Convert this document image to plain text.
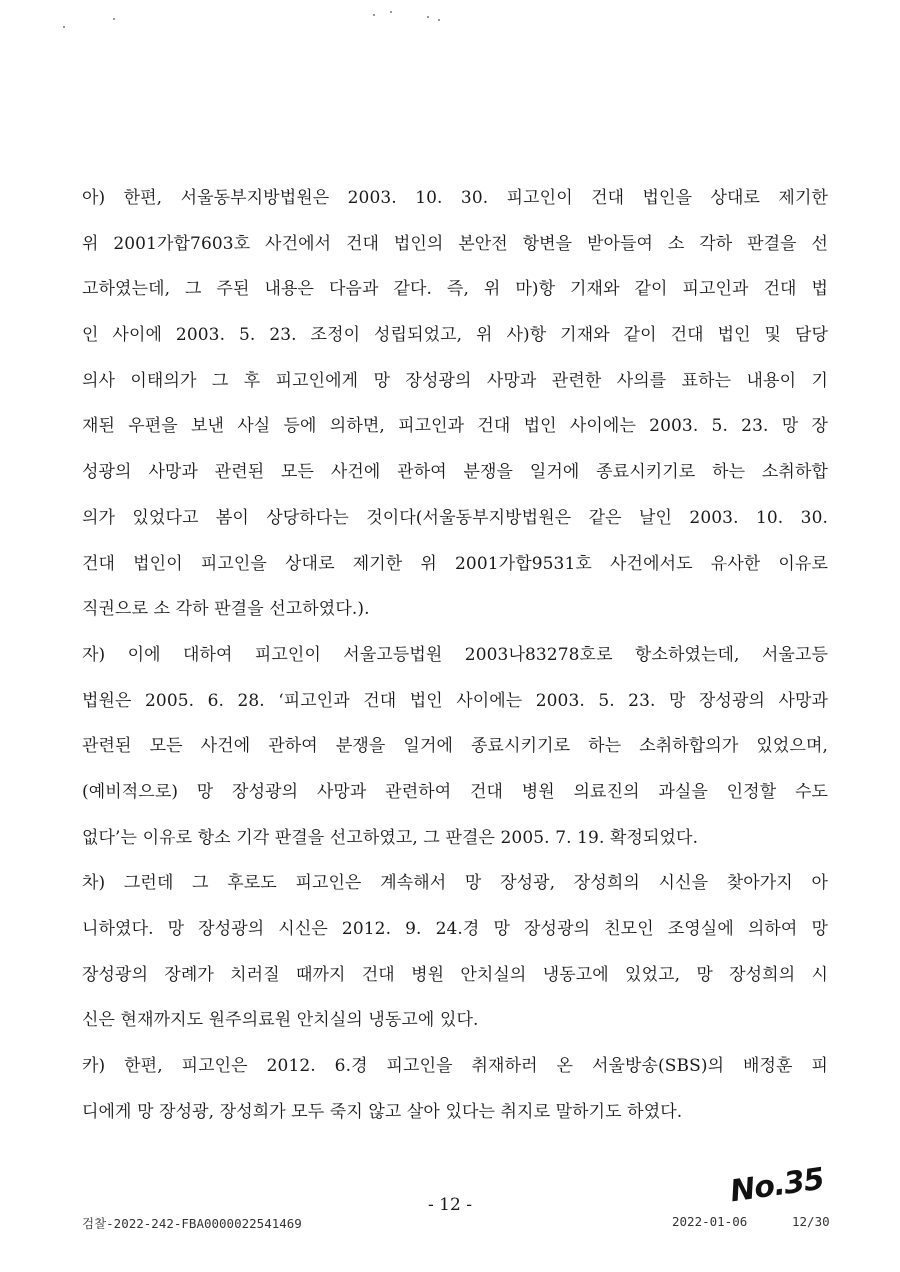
아) 한편, 서울동부지방법원은 2003. 10. 30. 피고인이 건대 법인을 상대로 제기한
위 2001가합7603호 사건에서 건대 법인의 본안전 항변을 받아들여 소 각하 판결을 선
고하였는데, 그 주된 내용은 다음과 같다. 즉, 위 마)항 기재와 같이 피고인과 건대 법
인 사이에 2003. 5. 23. 조정이 성립되었고, 위 사)항 기재와 같이 건대 법인 및 담당
의사 이태의가 그 후 피고인에게 망 장성광의 사망과 관련한 사의를 표하는 내용이 기
재된 우편을 보낸 사실 등에 의하면, 피고인과 건대 법인 사이에는 2003. 5. 23. 망 장
성광의 사망과 관련된 모든 사건에 관하여 분쟁을 일거에 종료시키기로 하는 소취하합
의가 있었다고 봄이 상당하다는 것이다(서울동부지방법원은 같은 날인 2003. 10. 30.
건대 법인이 피고인을 상대로 제기한 위 2001가합9531호 사건에서도 유사한 이유로
직권으로 소 각하 판결을 선고하였다.).
자) 이에 대하여 피고인이 서울고등법원 2003나83278호로 항소하였는데, 서울고등
법원은 2005. 6. 28. ‘피고인과 건대 법인 사이에는 2003. 5. 23. 망 장성광의 사망과
관련된 모든 사건에 관하여 분쟁을 일거에 종료시키기로 하는 소취하합의가 있었으며,
(예비적으로) 망 장성광의 사망과 관련하여 건대 병원 의료진의 과실을 인정할 수도
없다’는 이유로 항소 기각 판결을 선고하였고, 그 판결은 2005. 7. 19. 확정되었다.
차) 그런데 그 후로도 피고인은 계속해서 망 장성광, 장성희의 시신을 찾아가지 아
니하였다. 망 장성광의 시신은 2012. 9. 24.경 망 장성광의 친모인 조영실에 의하여 망
장성광의 장례가 치러질 때까지 건대 병원 안치실의 냉동고에 있었고, 망 장성희의 시
신은 현재까지도 원주의료원 안치실의 냉동고에 있다.
카) 한편, 피고인은 2012. 6.경 피고인을 취재하러 온 서울방송(SBS)의 배정훈 피
디에게 망 장성광, 장성희가 모두 죽지 않고 살아 있다는 취지로 말하기도 하였다.
No.35
- 12 -
검찰-2022-242-FBA0000022541469	2022-01-06	12/30
